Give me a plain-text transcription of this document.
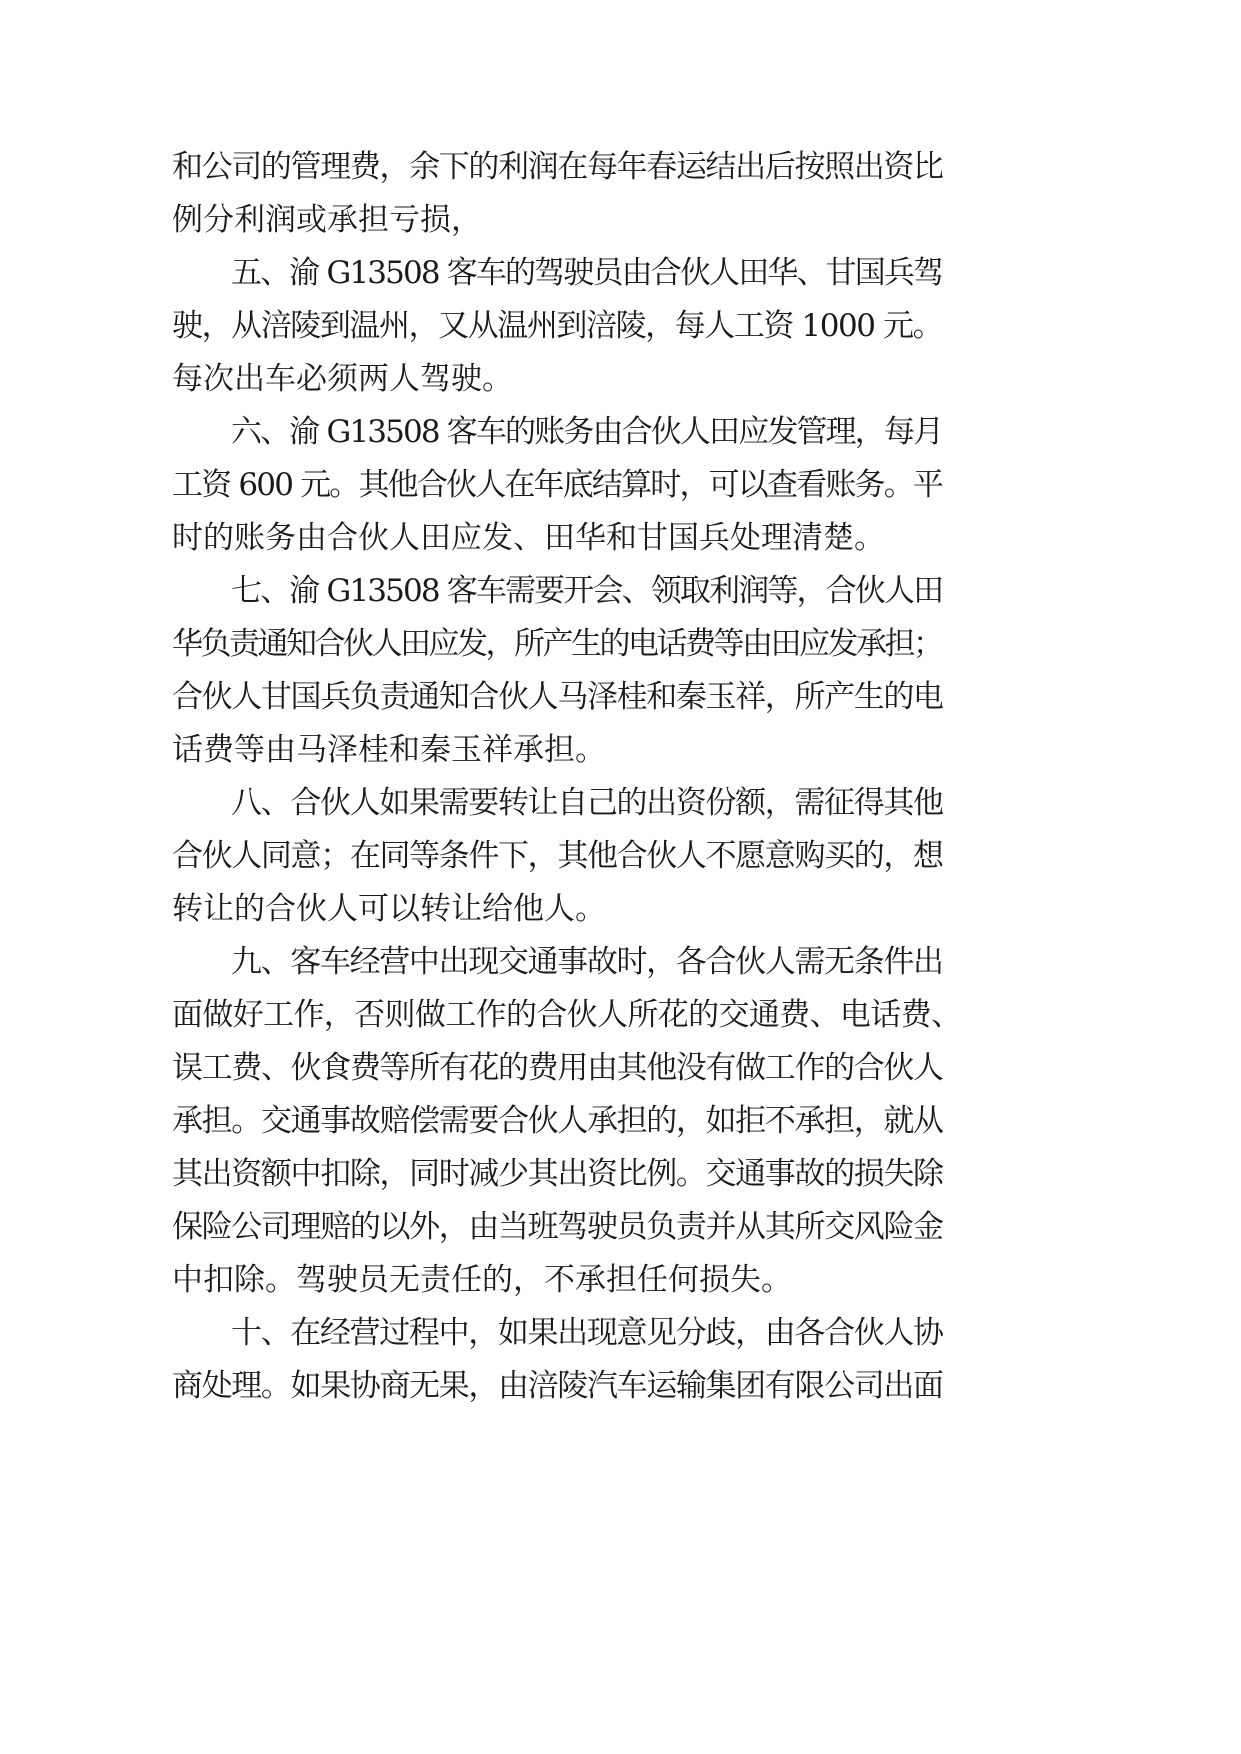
和公司的管理费，余下的利润在每年春运结出后按照出资比
例分利润或承担亏损，
五、渝 G13508 客车的驾驶员由合伙人田华、甘国兵驾
驶，从涪陵到温州，又从温州到涪陵，每人工资 1000 元。
每次出车必须两人驾驶。
六、渝 G13508 客车的账务由合伙人田应发管理，每月
工资 600 元。其他合伙人在年底结算时，可以查看账务。平
时的账务由合伙人田应发、田华和甘国兵处理清楚。
七、渝 G13508 客车需要开会、领取利润等，合伙人田
华负责通知合伙人田应发，所产生的电话费等由田应发承担；
合伙人甘国兵负责通知合伙人马泽桂和秦玉祥，所产生的电
话费等由马泽桂和秦玉祥承担。
八、合伙人如果需要转让自己的出资份额，需征得其他
合伙人同意；在同等条件下，其他合伙人不愿意购买的，想
转让的合伙人可以转让给他人。
九、客车经营中出现交通事故时，各合伙人需无条件出
面做好工作，否则做工作的合伙人所花的交通费、电话费、
误工费、伙食费等所有花的费用由其他没有做工作的合伙人
承担。交通事故赔偿需要合伙人承担的，如拒不承担，就从
其出资额中扣除，同时减少其出资比例。交通事故的损失除
保险公司理赔的以外，由当班驾驶员负责并从其所交风险金
中扣除。驾驶员无责任的，不承担任何损失。
十、在经营过程中，如果出现意见分歧，由各合伙人协
商处理。如果协商无果，由涪陵汽车运输集团有限公司出面
